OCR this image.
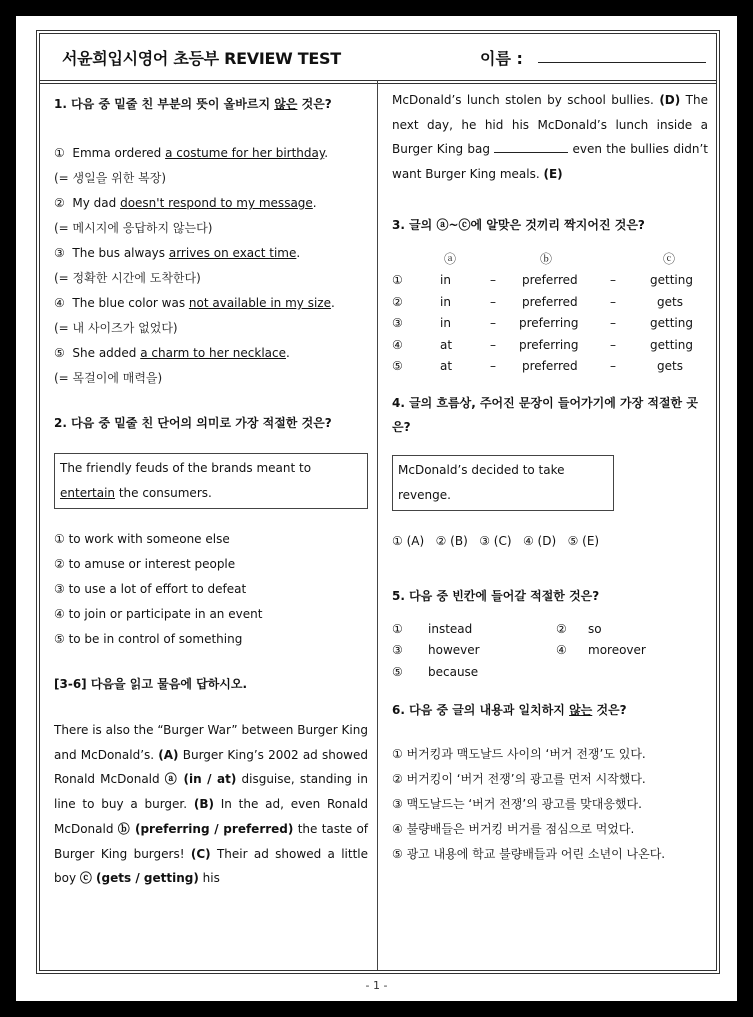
서윤희입시영어 초등부 REVIEW TEST	이름 :
1. 다음 중 밑줄 친 부분의 뜻이 올바르지 않은 것은?
① Emma ordered a costume for her birthday.
(= 생일을 위한 복장)
② My dad doesn't respond to my message.
(= 메시지에 응답하지 않는다)
③ The bus always arrives on exact time.
(= 정확한 시간에 도착한다)
④ The blue color was not available in my size.
(= 내 사이즈가 없었다)
⑤ She added a charm to her necklace.
(= 목걸이에 매력을)
2. 다음 중 밑줄 친 단어의 의미로 가장 적절한 것은?
The friendly feuds of the brands meant to entertain the consumers.
① to work with someone else
② to amuse or interest people
③ to use a lot of effort to defeat
④ to join or participate in an event
⑤ to be in control of something
[3-6] 다음을 읽고 물음에 답하시오.
There is also the “Burger War” between Burger King and McDonald’s. (A) Burger King’s 2002 ad showed Ronald McDonald ⓐ (in / at) disguise, standing in line to buy a burger. (B) In the ad, even Ronald McDonald ⓑ (preferring / preferred) the taste of Burger King burgers! (C) Their ad showed a little boy ⓒ (gets / getting) his
McDonald’s lunch stolen by school bullies. (D) The next day, he hid his McDonald’s lunch inside a Burger King bag	even the bullies didn’t want Burger King meals. (E)
3. 글의 ⓐ~ⓒ에 알맞은 것끼리 짝지어진 것은?
ⓐ	ⓑ	ⓒ
①	in	– preferred	–	getting
②	in	– preferred	–	gets
③	in	– preferring	–	getting
④	at	– preferring	–	getting
⑤	at	– preferred	–	gets
4. 글의 흐름상, 주어진 문장이 들어가기에 가장 적절한 곳은?
McDonald’s decided to take revenge.
① (A)   ② (B)   ③ (C)   ④ (D)   ⑤ (E)
5. 다음 중 빈칸에 들어갈 적절한 것은?
① instead	② so
③ however	④ moreover
⑤ because
6. 다음 중 글의 내용과 일치하지 않는 것은?
① 버거킹과 맥도날드 사이의 ‘버거 전쟁’도 있다.
② 버거킹이 ‘버거 전쟁’의 광고를 먼저 시작했다.
③ 맥도날드는 ‘버거 전쟁’의 광고를 맞대응했다.
④ 불량배들은 버거킹 버거를 점심으로 먹었다.
⑤ 광고 내용에 학교 불량배들과 어린 소년이 나온다.
- 1 -
